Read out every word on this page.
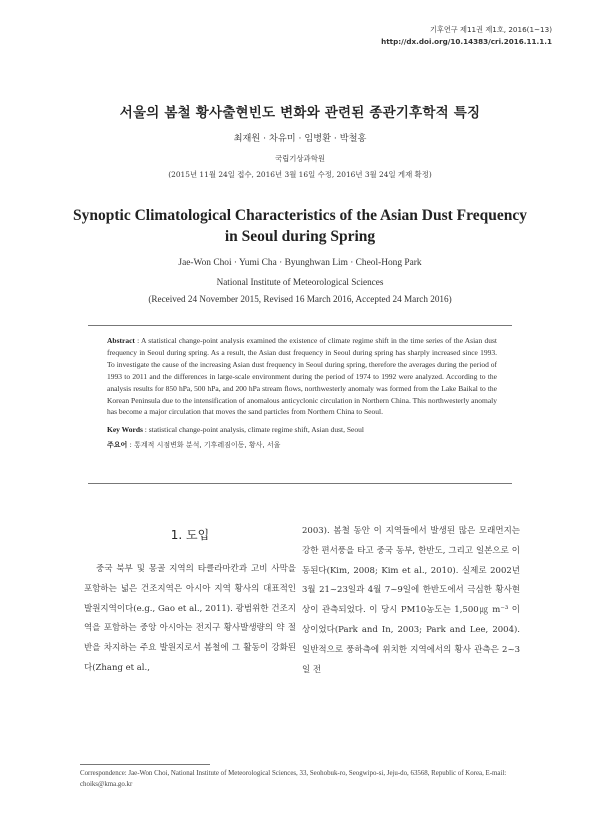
기후연구 제11권 제1호, 2016(1~13)
http://dx.doi.org/10.14383/cri.2016.11.1.1
서울의 봄철 황사출현빈도 변화와 관련된 종관기후학적 특징
최재원 · 차유미 · 임병환 · 박철홍
국립기상과학원
(2015년 11월 24일 접수, 2016년 3월 16일 수정, 2016년 3월 24일 게재 확정)
Synoptic Climatological Characteristics of the Asian Dust Frequency
in Seoul during Spring
Jae-Won Choi · Yumi Cha · Byunghwan Lim · Cheol-Hong Park
National Institute of Meteorological Sciences
(Received 24 November 2015, Revised 16 March 2016, Accepted 24 March 2016)
Abstract : A statistical change-point analysis examined the existence of climate regime shift in the time series of the Asian dust frequency in Seoul during spring. As a result, the Asian dust frequency in Seoul during spring has sharply increased since 1993. To investigate the cause of the increasing Asian dust frequency in Seoul during spring, therefore the averages during the period of 1993 to 2011 and the differences in large-scale environment during the period of 1974 to 1992 were analyzed. According to the analysis results for 850 hPa, 500 hPa, and 200 hPa stream flows, northwesterly anomaly was formed from the Lake Baikal to the Korean Peninsula due to the intensification of anomalous anticyclonic circulation in Northern China. This northwesterly anomaly has become a major circulation that moves the sand particles from Northern China to Seoul.
Key Words : statistical change-point analysis, climate regime shift, Asian dust, Seoul
주요어 : 통계적 시점변화 분석, 기후레짐이동, 황사, 서울
1. 도입

중국 북부 및 몽골 지역의 타클라마칸과 고비 사막을 포함하는 넓은 건조지역은 아시아 지역 황사의 대표적인 발원지역이다(e.g., Gao et al., 2011). 광범위한 건조지역을 포함하는 중앙 아시아는 전지구 황사발생량의 약 절반을 차지하는 주요 발원지로서 봄철에 그 활동이 강화된다(Zhang et al.,

2003). 봄철 동안 이 지역들에서 발생된 많은 모래먼지는 강한 편서풍을 타고 중국 동부, 한반도, 그리고 일본으로 이동된다(Kim, 2008; Kim et al., 2010). 실제로 2002년 3월 21~23일과 4월 7~9일에 한반도에서 극심한 황사현상이 관측되었다. 이 당시 PM10농도는 1,500㎍ m⁻³ 이상이었다(Park and In, 2003; Park and Lee, 2004). 일반적으로 풍하측에 위치한 지역에서의 황사 관측은 2~3일 전

Correspondence: Jae-Won Choi, National Institute of Meteorological Sciences, 33, Seohobuk-ro, Seogwipo-si, Jeju-do, 63568, Republic of Korea, E-mail: choiks@kma.go.kr
